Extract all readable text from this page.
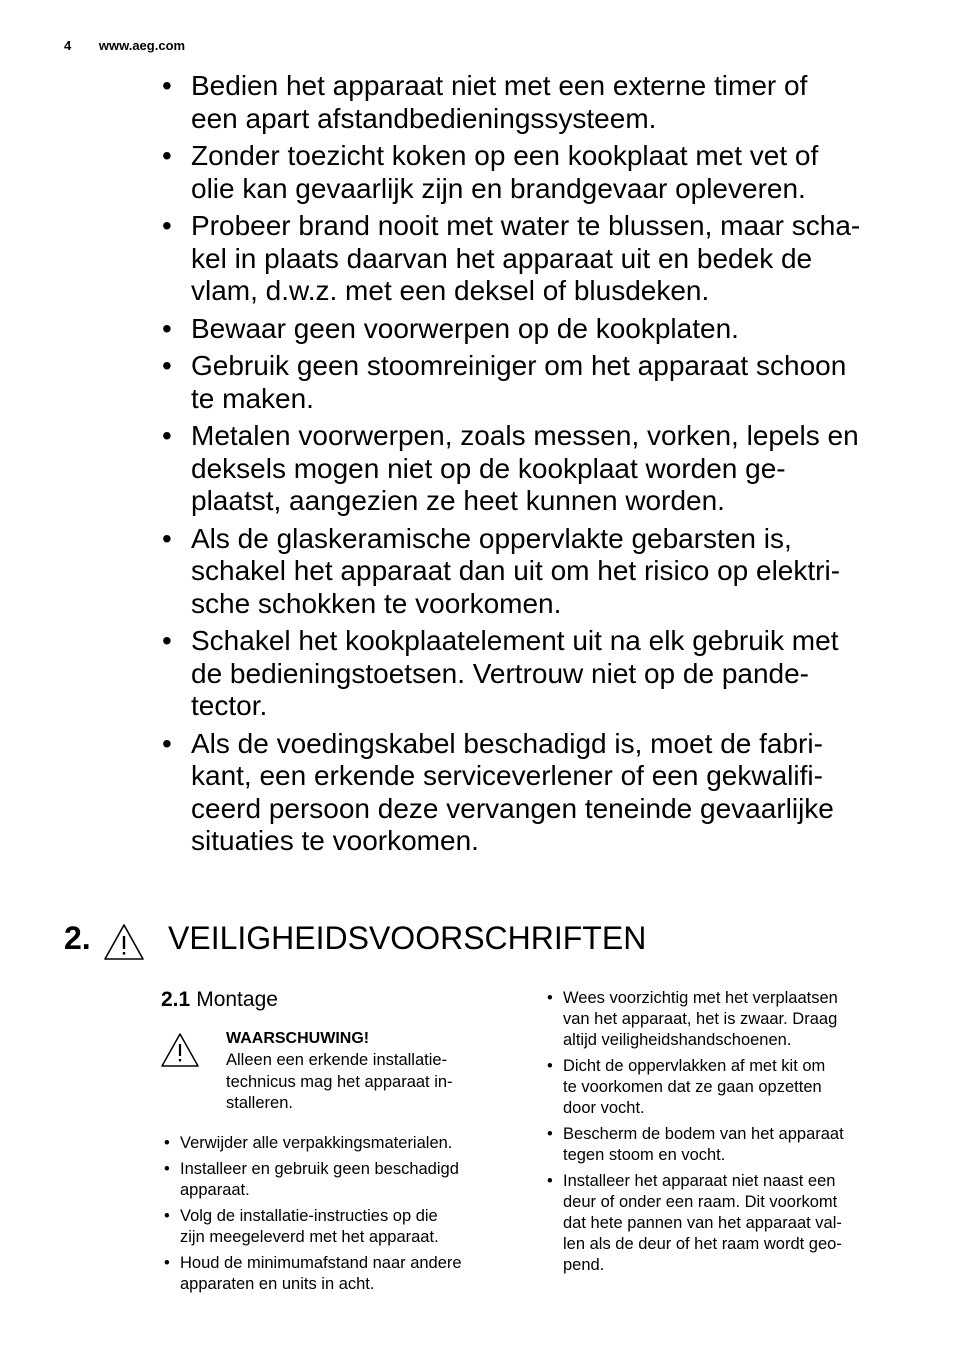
4 www.aeg.com
• Bedien het apparaat niet met een externe timer of
een apart afstandbedieningssysteem.
• Zonder toezicht koken op een kookplaat met vet of
olie kan gevaarlijk zijn en brandgevaar opleveren.
• Probeer brand nooit met water te blussen, maar scha-
kel in plaats daarvan het apparaat uit en bedek de
vlam, d.w.z. met een deksel of blusdeken.
• Bewaar geen voorwerpen op de kookplaten.
• Gebruik geen stoomreiniger om het apparaat schoon
te maken.
• Metalen voorwerpen, zoals messen, vorken, lepels en
deksels mogen niet op de kookplaat worden ge-
plaatst, aangezien ze heet kunnen worden.
• Als de glaskeramische oppervlakte gebarsten is,
schakel het apparaat dan uit om het risico op elektri-
sche schokken te voorkomen.
• Schakel het kookplaatelement uit na elk gebruik met
de bedieningstoetsen. Vertrouw niet op de pande-
tector.
• Als de voedingskabel beschadigd is, moet de fabri-
kant, een erkende serviceverlener of een gekwalifi-
ceerd persoon deze vervangen teneinde gevaarlijke
situaties te voorkomen.
2. VEILIGHEIDSVOORSCHRIFTEN
2.1 Montage
WAARSCHUWING!
Alleen een erkende installatie-
technicus mag het apparaat in-
stalleren.
• Verwijder alle verpakkingsmaterialen.
• Installeer en gebruik geen beschadigd
apparaat.
• Volg de installatie-instructies op die
zijn meegeleverd met het apparaat.
• Houd de minimumafstand naar andere
apparaten en units in acht.
• Wees voorzichtig met het verplaatsen
van het apparaat, het is zwaar. Draag
altijd veiligheidshandschoenen.
• Dicht de oppervlakken af met kit om
te voorkomen dat ze gaan opzetten
door vocht.
• Bescherm de bodem van het apparaat
tegen stoom en vocht.
• Installeer het apparaat niet naast een
deur of onder een raam. Dit voorkomt
dat hete pannen van het apparaat val-
len als de deur of het raam wordt geo-
pend.
